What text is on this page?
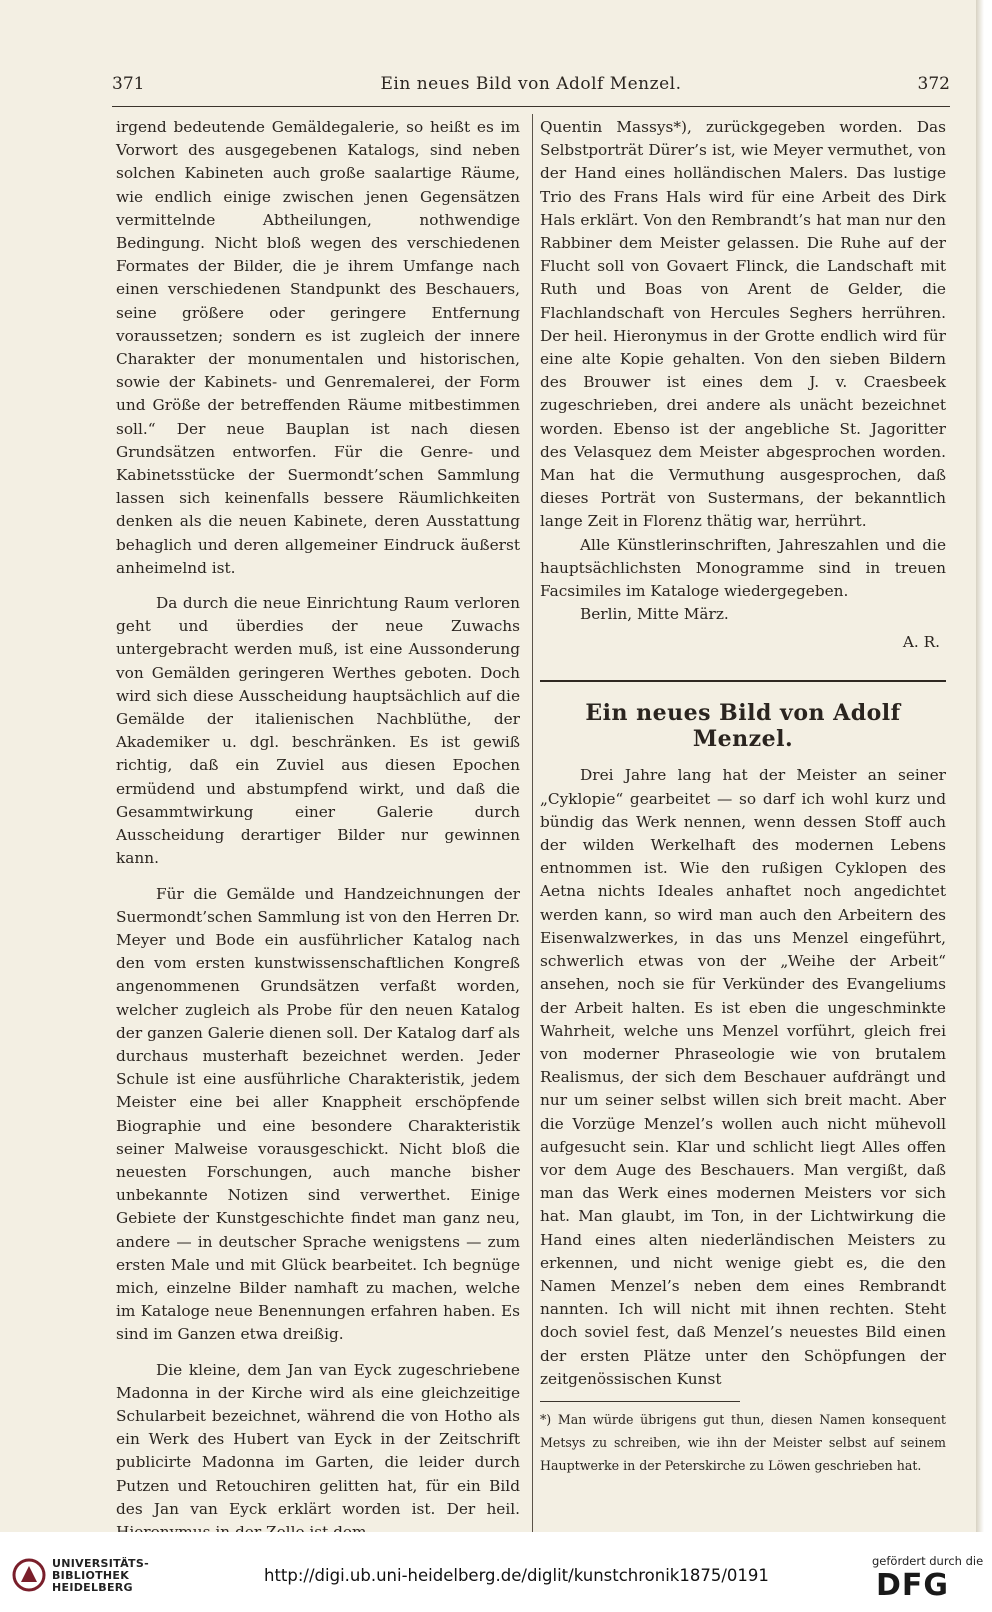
371	Ein neues Bild von Adolf Menzel.	372

irgend bedeutende Gemäldegalerie, so heißt es im Vorwort des ausgegebenen Katalogs, sind neben solchen Kabineten auch große saalartige Räume, wie endlich einige zwischen jenen Gegensätzen vermittelnde Abtheilungen, nothwendige Bedingung. Nicht bloß wegen des verschiedenen Formates der Bilder, die je ihrem Umfange nach einen verschiedenen Standpunkt des Beschauers, seine größere oder geringere Entfernung voraussetzen; sondern es ist zugleich der innere Charakter der monumentalen und historischen, sowie der Kabinets- und Genremalerei, der Form und Größe der betreffenden Räume mitbestimmen soll.“ Der neue Bauplan ist nach diesen Grundsätzen entworfen. Für die Genre- und Kabinetsstücke der Suermondt’schen Sammlung lassen sich keinenfalls bessere Räumlichkeiten denken als die neuen Kabinete, deren Ausstattung behaglich und deren allgemeiner Eindruck äußerst anheimelnd ist.

Da durch die neue Einrichtung Raum verloren geht und überdies der neue Zuwachs untergebracht werden muß, ist eine Aussonderung von Gemälden geringeren Werthes geboten. Doch wird sich diese Ausscheidung hauptsächlich auf die Gemälde der italienischen Nachblüthe, der Akademiker u. dgl. beschränken. Es ist gewiß richtig, daß ein Zuviel aus diesen Epochen ermüdend und abstumpfend wirkt, und daß die Gesammtwirkung einer Galerie durch Ausscheidung derartiger Bilder nur gewinnen kann.

Für die Gemälde und Handzeichnungen der Suermondt’schen Sammlung ist von den Herren Dr. Meyer und Bode ein ausführlicher Katalog nach den vom ersten kunstwissenschaftlichen Kongreß angenommenen Grundsätzen verfaßt worden, welcher zugleich als Probe für den neuen Katalog der ganzen Galerie dienen soll. Der Katalog darf als durchaus musterhaft bezeichnet werden. Jeder Schule ist eine ausführliche Charakteristik, jedem Meister eine bei aller Knappheit erschöpfende Biographie und eine besondere Charakteristik seiner Malweise vorausgeschickt. Nicht bloß die neuesten Forschungen, auch manche bisher unbekannte Notizen sind verwerthet. Einige Gebiete der Kunstgeschichte findet man ganz neu, andere — in deutscher Sprache wenigstens — zum ersten Male und mit Glück bearbeitet. Ich begnüge mich, einzelne Bilder namhaft zu machen, welche im Kataloge neue Benennungen erfahren haben. Es sind im Ganzen etwa dreißig.

Die kleine, dem Jan van Eyck zugeschriebene Madonna in der Kirche wird als eine gleichzeitige Schularbeit bezeichnet, während die von Hotho als ein Werk des Hubert van Eyck in der Zeitschrift publicirte Madonna im Garten, die leider durch Putzen und Retouchiren gelitten hat, für ein Bild des Jan van Eyck erklärt worden ist. Der heil.

Quentin Massys*), zurückgegeben worden. Das Selbstporträt Dürer’s ist, wie Meyer vermuthet, von der Hand eines holländischen Malers. Das lustige Trio des Frans Hals wird für eine Arbeit des Dirk Hals erklärt. Von den Rembrandt’s hat man nur den Rabbiner dem Meister gelassen. Die Ruhe auf der Flucht soll von Govaert Flinck, die Landschaft mit Ruth und Boas von Arent de Gelder, die Flachlandschaft von Hercules Seghers herrühren. Der heil. Hieronymus in der Grotte endlich wird für eine alte Kopie gehalten. Von den sieben Bildern des Brouwer ist eines dem J. v. Craesbeek zugeschrieben, drei andere als unächt bezeichnet worden. Ebenso ist der angebliche St. Jagoritter des Velasquez dem Meister abgesprochen worden. Man hat die Vermuthung ausgesprochen, daß dieses Porträt von Sustermans, der bekanntlich lange Zeit in Florenz thätig war, herrührt.

Alle Künstlerinschriften, Jahreszahlen und die hauptsächlichsten Monogramme sind in treuen Facsimiles im Kataloge wiedergegeben.

Berlin, Mitte März.

A. R.
Ein neues Bild von Adolf Menzel.

Drei Jahre lang hat der Meister an seiner „Cyklopie“ gearbeitet — so darf ich wohl kurz und bündig das Werk nennen, wenn dessen Stoff auch der wilden Werkelhaft des modernen Lebens entnommen ist. Wie den rußigen Cyklopen des Aetna nichts Ideales anhaftet noch angedichtet werden kann, so wird man auch den Arbeitern des Eisenwalzwerkes, in das uns Menzel eingeführt, schwerlich etwas von der „Weihe der Arbeit“ ansehen, noch sie für Verkünder des Evangeliums der Arbeit halten. Es ist eben die ungeschminkte Wahrheit, welche uns Menzel vorführt, gleich frei von moderner Phraseologie wie von brutalem Realismus, der sich dem Beschauer aufdrängt und nur um seiner selbst willen sich breit macht. Aber die Vorzüge Menzel’s wollen auch nicht mühevoll aufgesucht sein. Klar und schlicht liegt Alles offen vor dem Auge des Beschauers. Man vergißt, daß man das Werk eines modernen Meisters vor sich hat. Man glaubt, im Ton, in der Lichtwirkung die Hand eines alten niederländischen Meisters zu erkennen, und nicht wenige giebt es, die den Namen Menzel’s neben dem eines Rembrandt nannten. Ich will nicht mit ihnen rechten. Steht doch soviel fest, daß Menzel’s neuestes Bild einen der ersten Plätze unter den Schöpfungen der zeitgenössischen Kunst

*) Man würde übrigens gut thun, diesen Namen konsequent Metsys zu schreiben, wie ihn der Meister selbst auf seinem Hauptwerke in der Peterskirche zu Löwen geschrieben hat.

UNIVERSITÄTS-
BIBLIOTHEK
HEIDELBERG
http://digi.ub.uni-heidelberg.de/diglit/kunstchronik1875/0191
gefördert durch die
DFG
